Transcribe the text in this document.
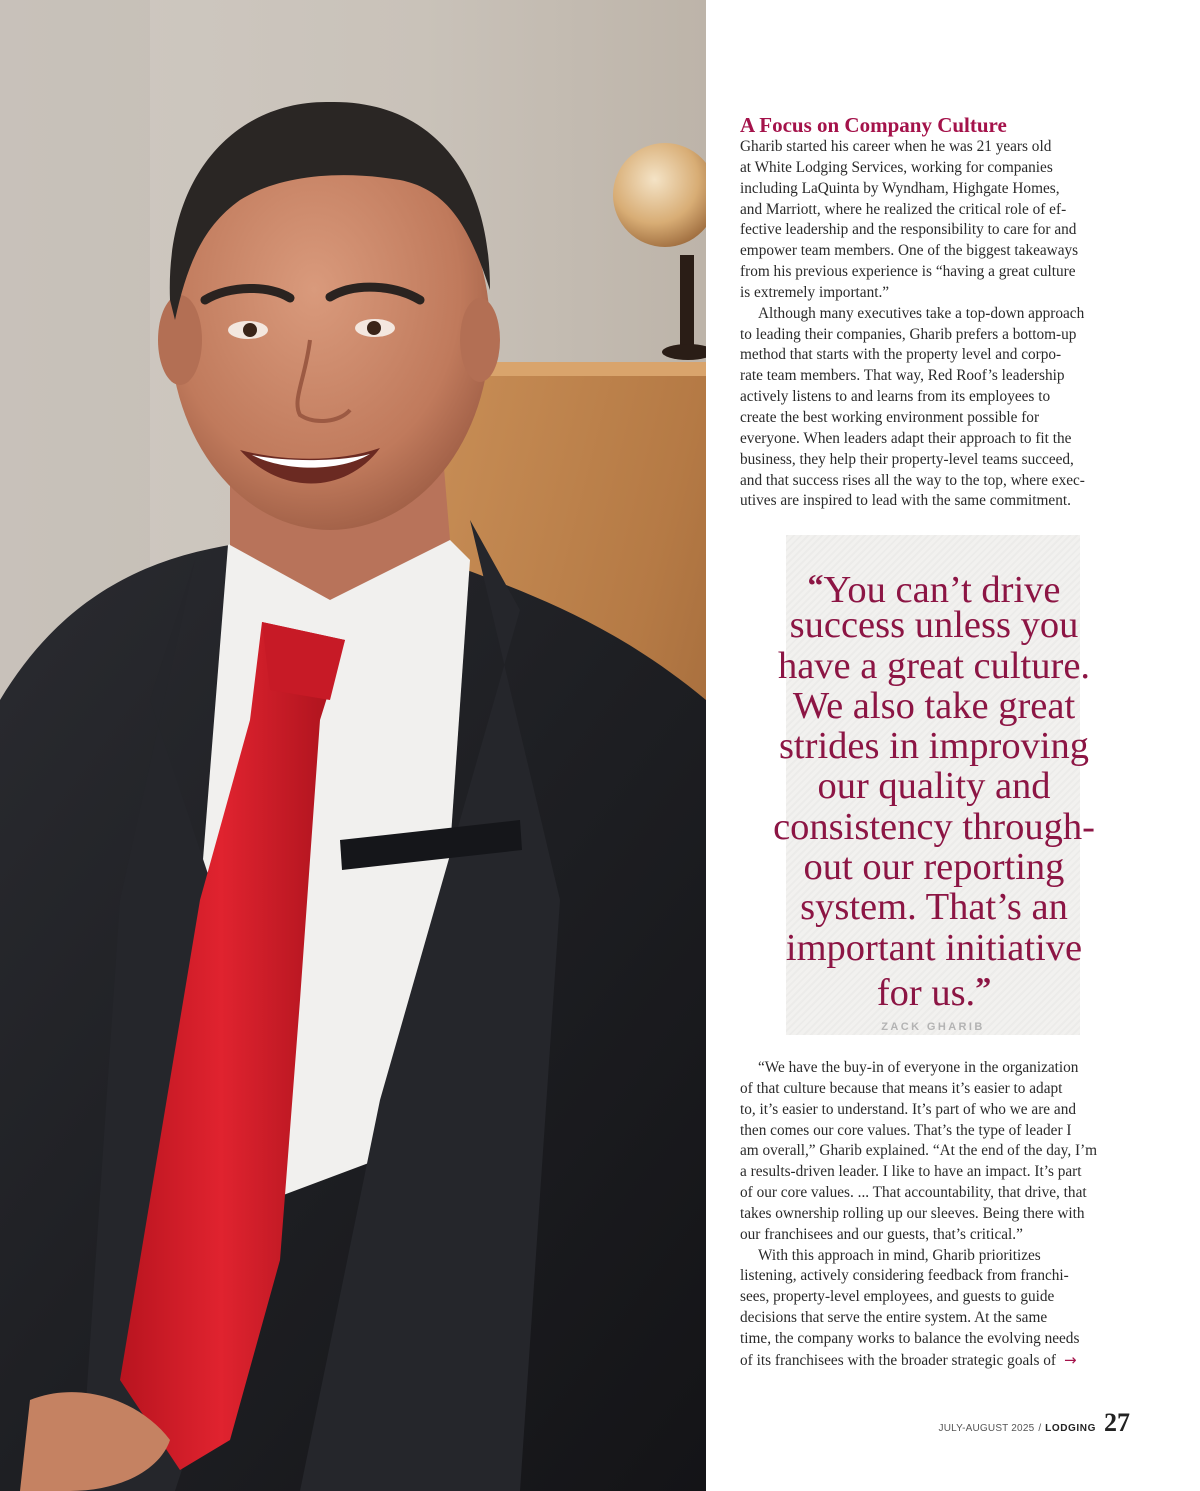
A Focus on Company Culture
Gharib started his career when he was 21 years old
at White Lodging Services, working for companies
including LaQuinta by Wyndham, Highgate Homes,
and Marriott, where he realized the critical role of ef-
fective leadership and the responsibility to care for and
empower team members. One of the biggest takeaways
from his previous experience is “having a great culture
is extremely important.”
Although many executives take a top-down approach
to leading their companies, Gharib prefers a bottom-up
method that starts with the property level and corpo-
rate team members. That way, Red Roof’s leadership
actively listens to and learns from its employees to
create the best working environment possible for
everyone. When leaders adapt their approach to fit the
business, they help their property-level teams succeed,
and that success rises all the way to the top, where exec-
utives are inspired to lead with the same commitment.
“You can’t drive
success unless you
have a great culture.
We also take great
strides in improving
our quality and
consistency through-
out our reporting
system. That’s an
important initiative
for us.”
ZACK GHARIB
“We have the buy-in of everyone in the organization
of that culture because that means it’s easier to adapt
to, it’s easier to understand. It’s part of who we are and
then comes our core values. That’s the type of leader I
am overall,” Gharib explained. “At the end of the day, I’m
a results-driven leader. I like to have an impact. It’s part
of our core values. ... That accountability, that drive, that
takes ownership rolling up our sleeves. Being there with
our franchisees and our guests, that’s critical.”
With this approach in mind, Gharib prioritizes
listening, actively considering feedback from franchi-
sees, property-level employees, and guests to guide
decisions that serve the entire system. At the same
time, the company works to balance the evolving needs
of its franchisees with the broader strategic goals of →
JULY-AUGUST 2025 / LODGING 27
